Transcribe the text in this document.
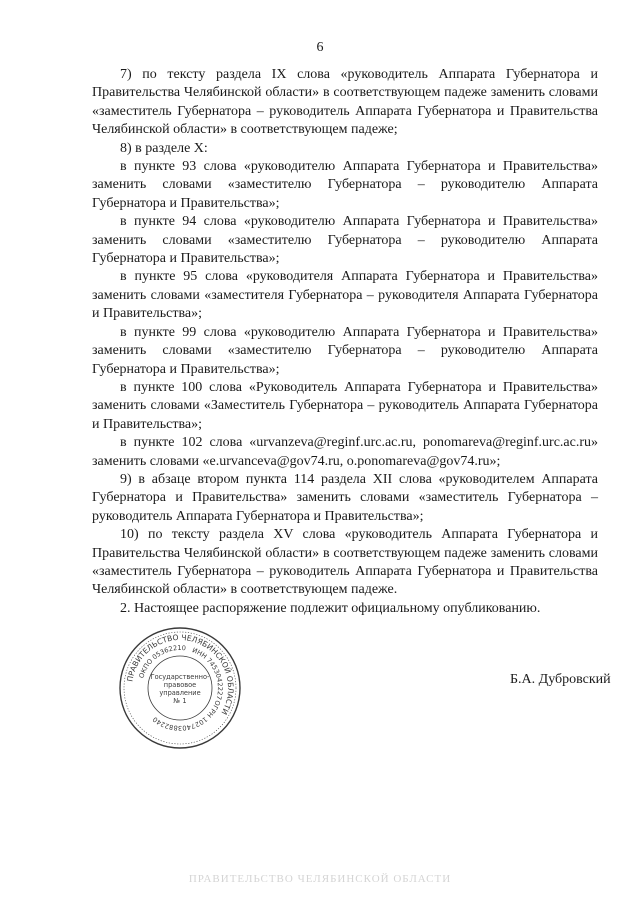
6

7) по тексту раздела IX слова «руководитель Аппарата Губернатора и Правительства Челябинской области» в соответствующем падеже заменить словами «заместитель Губернатора – руководитель Аппарата Губернатора и Правительства Челябинской области» в соответствующем падеже;

8) в разделе X:

в пункте 93 слова «руководителю Аппарата Губернатора и Правительства» заменить словами «заместителю Губернатора – руководителю Аппарата Губернатора и Правительства»;

в пункте 94 слова «руководителю Аппарата Губернатора и Правительства» заменить словами «заместителю Губернатора – руководителю Аппарата Губернатора и Правительства»;

в пункте 95 слова «руководителя Аппарата Губернатора и Правительства» заменить словами «заместителя Губернатора – руководителя Аппарата Губернатора и Правительства»;

в пункте 99 слова «руководителю Аппарата Губернатора и Правительства» заменить словами «заместителю Губернатора – руководителю Аппарата Губернатора и Правительства»;

в пункте 100 слова «Руководитель Аппарата Губернатора и Правительства» заменить словами «Заместитель Губернатора – руководитель Аппарата Губернатора и Правительства»;

в пункте 102 слова «urvanzeva@reginf.urc.ac.ru, ponomareva@reginf.urc.ac.ru» заменить словами «e.urvanceva@gov74.ru, o.ponomareva@gov74.ru»;

9) в абзаце втором пункта 114 раздела XII слова «руководителем Аппарата Губернатора и Правительства» заменить словами «заместитель Губернатора – руководитель Аппарата Губернатора и Правительства»;

10) по тексту раздела XV слова «руководитель Аппарата Губернатора и Правительства Челябинской области» в соответствующем падеже заменить словами «заместитель Губернатора – руководитель Аппарата Губернатора и Правительства Челябинской области» в соответствующем падеже.

2. Настоящее распоряжение подлежит официальному опубликованию.

ПРАВИТЕЛЬСТВО ЧЕЛЯБИНСКОЙ ОБЛАСТИ
ОГРН 1027403882240
ОКПО 05362210 ИНН 7453042227
Государственно-
правовое
управление
№ 1
Б.А. Дубровский
ПРАВИТЕЛЬСТВО ЧЕЛЯБИНСКОЙ ОБЛАСТИ
